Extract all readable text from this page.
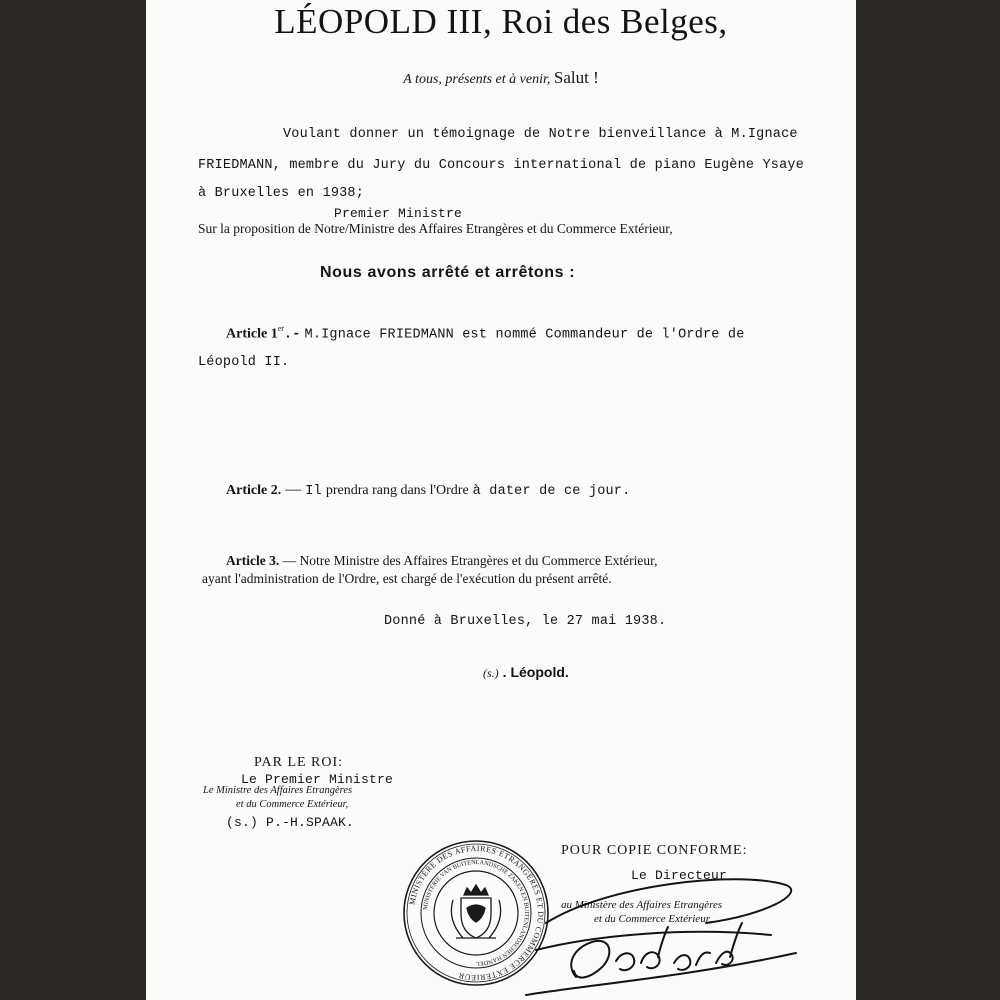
LÉOPOLD III, Roi des Belges,
A tous, présents et à venir, Salut !
Voulant donner un témoignage de Notre bienveillance à M.Ignace
FRIEDMANN, membre du Jury du Concours international de piano Eugène Ysaye
à Bruxelles en 1938;
Premier Ministre
Sur la proposition de Notre/Ministre des Affaires Etrangères et du Commerce Extérieur,
Nous avons arrêté et arrêtons :
Article 1er.- M.Ignace FRIEDMANN est nommé Commandeur de l'Ordre de
Léopold II.
Article 2. — Il prendra rang dans l'Ordre à dater de ce jour.
Article 3. — Notre Ministre des Affaires Etrangères et du Commerce Extérieur,
ayant l'administration de l'Ordre, est chargé de l'exécution du présent arrêté.
Donné à Bruxelles, le 27 mai 1938.
(s.) . Léopold.
PAR LE ROI:
Le Premier Ministre
Le Ministre des Affaires Etrangères
et du Commerce Extérieur,
(s.) P.-H.SPAAK.
POUR COPIE CONFORME:
Le Directeur
au Ministère des Affaires Etrangères
et du Commerce Extérieur,
MINISTÈRE DES AFFAIRES ETRANGÈRES ET DU COMMERCE EXTÉRIEUR
MINISTERIE VAN BUITENLANDSCHE ZAKEN EN BUITENLANDSCHEN HANDEL
